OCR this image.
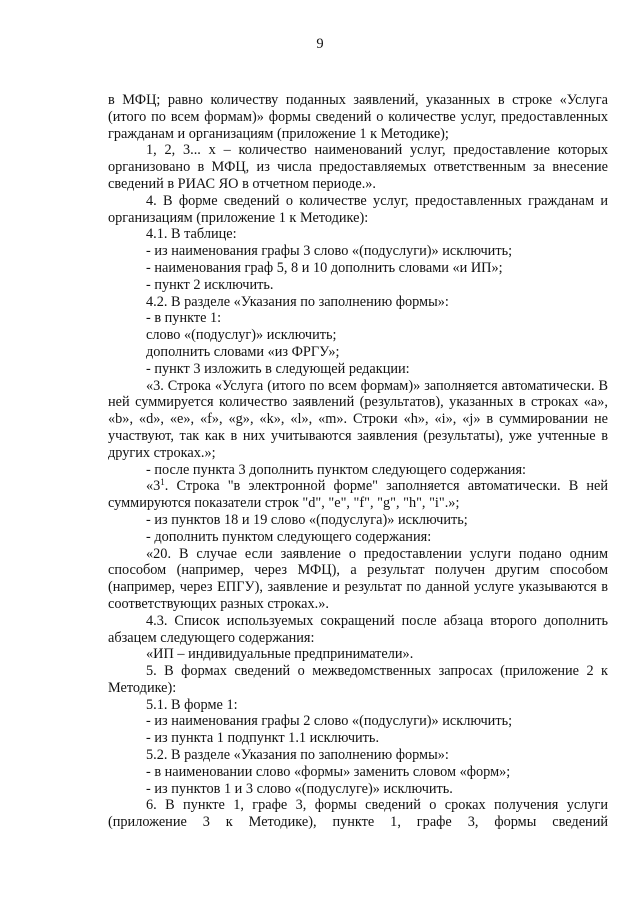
9

в МФЦ; равно количеству поданных заявлений, указанных в строке «Услуга (итого по всем формам)» формы сведений о количестве услуг, предоставленных гражданам и организациям (приложение 1 к Методике);

1, 2, 3... x – количество наименований услуг, предоставление которых организовано в МФЦ, из числа предоставляемых ответственным за внесение сведений в РИАС ЯО в отчетном периоде.».

4. В форме сведений о количестве услуг, предоставленных гражданам и организациям (приложение 1 к Методике):

4.1. В таблице:

- из наименования графы 3 слово «(подуслуги)» исключить;

- наименования граф 5, 8 и 10 дополнить словами «и ИП»;

- пункт 2 исключить.

4.2. В разделе «Указания по заполнению формы»:

- в пункте 1:

слово «(подуслуг)» исключить;

дополнить словами «из ФРГУ»;

- пункт 3 изложить в следующей редакции:

«3. Строка «Услуга (итого по всем формам)» заполняется автоматически. В ней суммируется количество заявлений (результатов), указанных в строках «a», «b», «d», «e», «f», «g», «k», «l», «m». Строки «h», «i», «j» в суммировании не участвуют, так как в них учитываются заявления (результаты), уже учтенные в других строках.»;

- после пункта 3 дополнить пунктом следующего содержания:

«$3^1$. Строка "в электронной форме" заполняется автоматически. В ней суммируются показатели строк "d", "e", "f", "g", "h", "i".»;

- из пунктов 18 и 19 слово «(подуслуга)» исключить;

- дополнить пунктом следующего содержания:

«20. В случае если заявление о предоставлении услуги подано одним способом (например, через МФЦ), а результат получен другим способом (например, через ЕПГУ), заявление и результат по данной услуге указываются в соответствующих разных строках.».

4.3. Список используемых сокращений после абзаца второго дополнить абзацем следующего содержания:

«ИП – индивидуальные предприниматели».

5. В формах сведений о межведомственных запросах (приложение 2 к Методике):

5.1. В форме 1:

- из наименования графы 2 слово «(подуслуги)» исключить;

- из пункта 1 подпункт 1.1 исключить.

5.2. В разделе «Указания по заполнению формы»:

- в наименовании слово «формы» заменить словом «форм»;

- из пунктов 1 и 3 слово «(подуслуге)» исключить.

6. В пункте 1, графе 3, формы сведений о сроках получения услуги (приложение 3 к Методике), пункте 1, графе 3, формы сведений
